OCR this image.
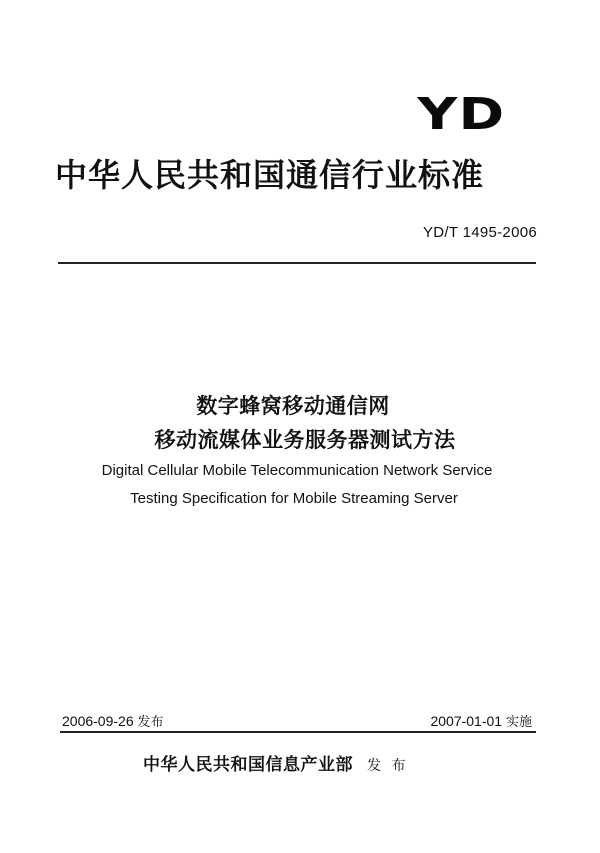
YD
中华人民共和国通信行业标准
YD/T 1495-2006
数字蜂窝移动通信网
移动流媒体业务服务器测试方法
Digital Cellular Mobile Telecommunication Network Service
Testing Specification for Mobile Streaming Server
2006-09-26 发布	2007-01-01 实施
中华人民共和国信息产业部 发 布
